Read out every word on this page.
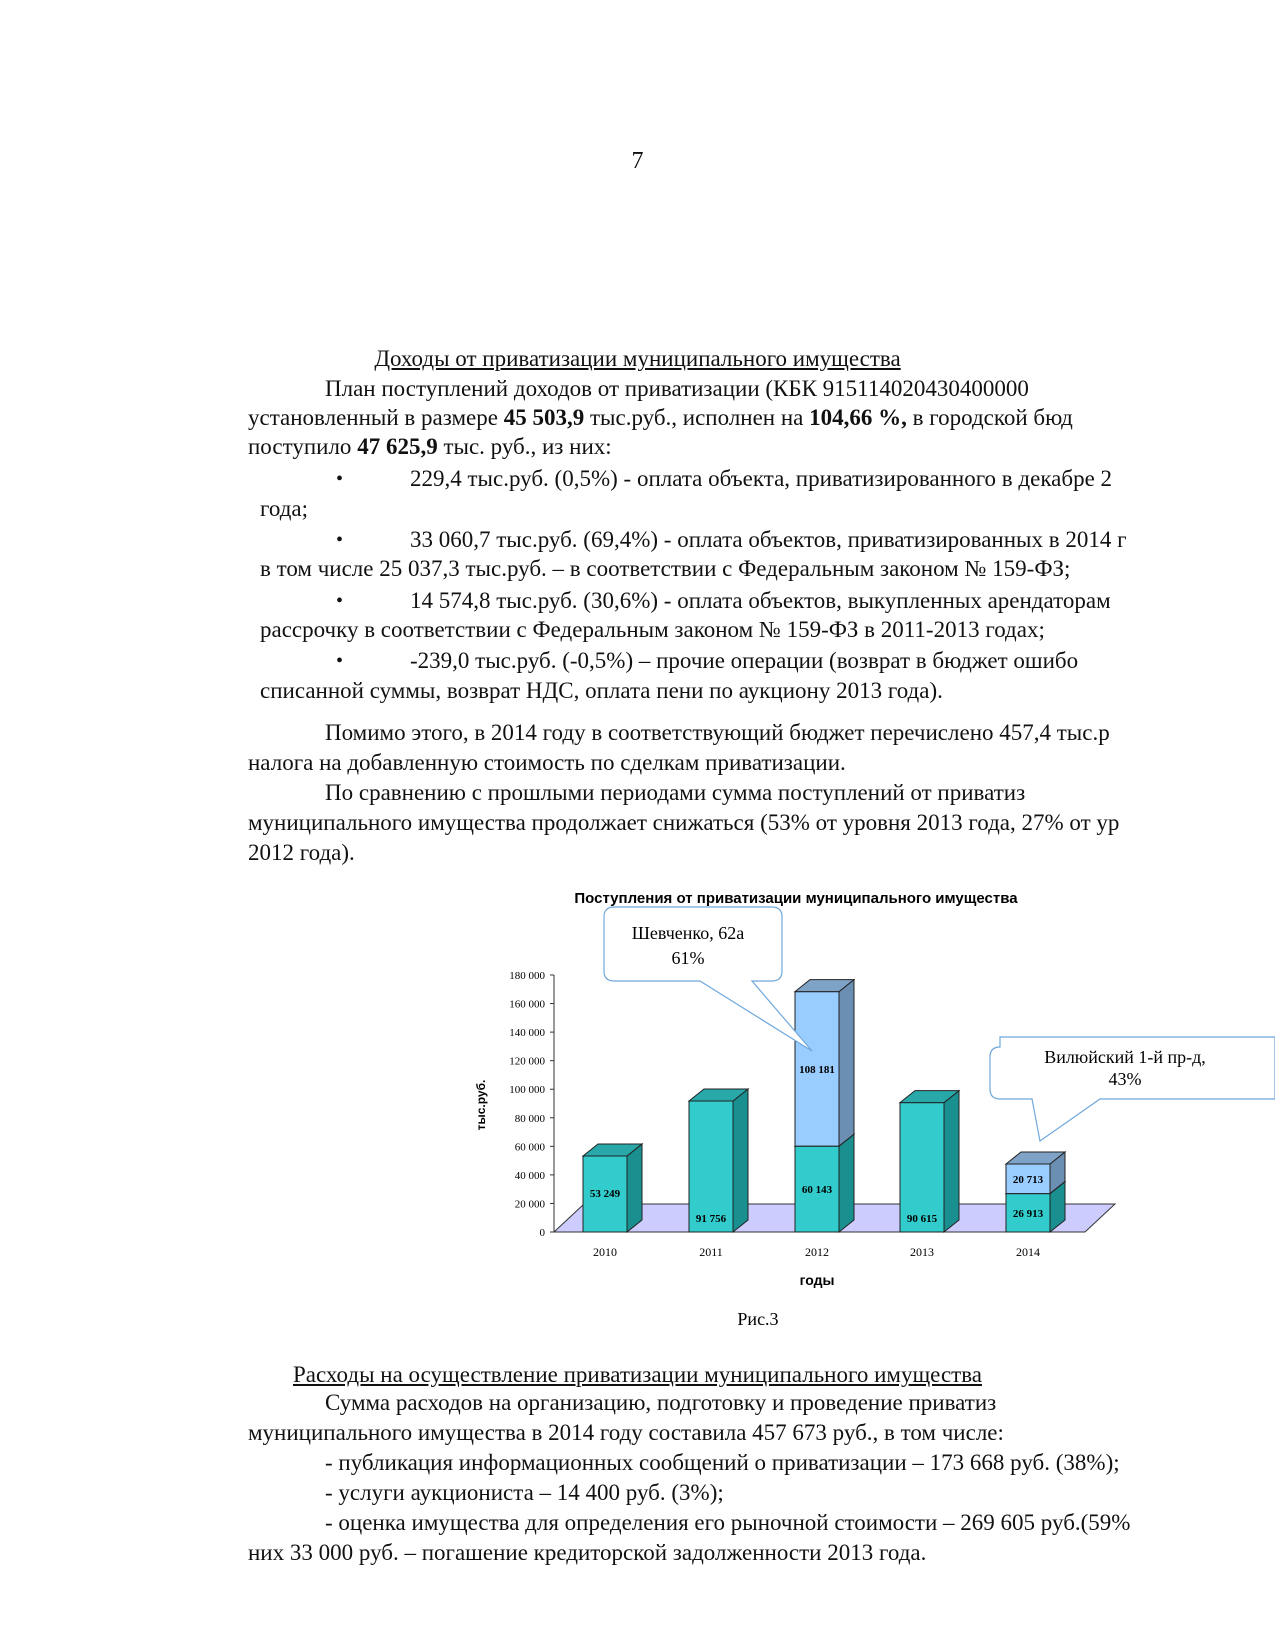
7
Доходы от приватизации муниципального имущества
План поступлений доходов от приватизации (КБК 915114020430400000
установленный в размере 45 503,9 тыс.руб., исполнен на 104,66 %, в городской бюд
поступило 47 625,9 тыс. руб., из них:
•	229,4 тыс.руб. (0,5%) - оплата объекта, приватизированного в декабре 2
года;
•	33 060,7 тыс.руб. (69,4%) - оплата объектов, приватизированных в 2014 г
в том числе 25 037,3 тыс.руб. – в соответствии с Федеральным законом № 159-ФЗ;
•	14 574,8 тыс.руб. (30,6%) - оплата объектов, выкупленных арендаторам
рассрочку в соответствии с Федеральным законом № 159-ФЗ в 2011-2013 годах;
•	-239,0 тыс.руб. (-0,5%) – прочие операции (возврат в бюджет ошибо
списанной суммы, возврат НДС, оплата пени по аукциону 2013 года).
Помимо этого, в 2014 году в соответствующий бюджет перечислено 457,4 тыс.р
налога на добавленную стоимость по сделкам приватизации.
По сравнению с прошлыми периодами сумма поступлений от приватиз
муниципального имущества продолжает снижаться (53% от уровня 2013 года, 27% от ур
2012 года).
Поступления от приватизации муниципального имущества
0
20 000
40 000
60 000
80 000
100 000
120 000
140 000
160 000
180 000
тыс.руб.
2010	2011	2012	2013	2014
годы
53 249
91 756
60 143
108 181
90 615	26 913
20 713
Шевченко, 62а
61%
Вилюйский 1-й пр-д,
43%
Рис.3
Расходы на осуществление приватизации муниципального имущества
Сумма расходов на организацию, подготовку и проведение приватиз
муниципального имущества в 2014 году составила 457 673 руб., в том числе:
- публикация информационных сообщений о приватизации – 173 668 руб. (38%);
- услуги аукциониста – 14 400 руб. (3%);
- оценка имущества для определения его рыночной стоимости – 269 605 руб.(59%
них 33 000 руб. – погашение кредиторской задолженности 2013 года.
